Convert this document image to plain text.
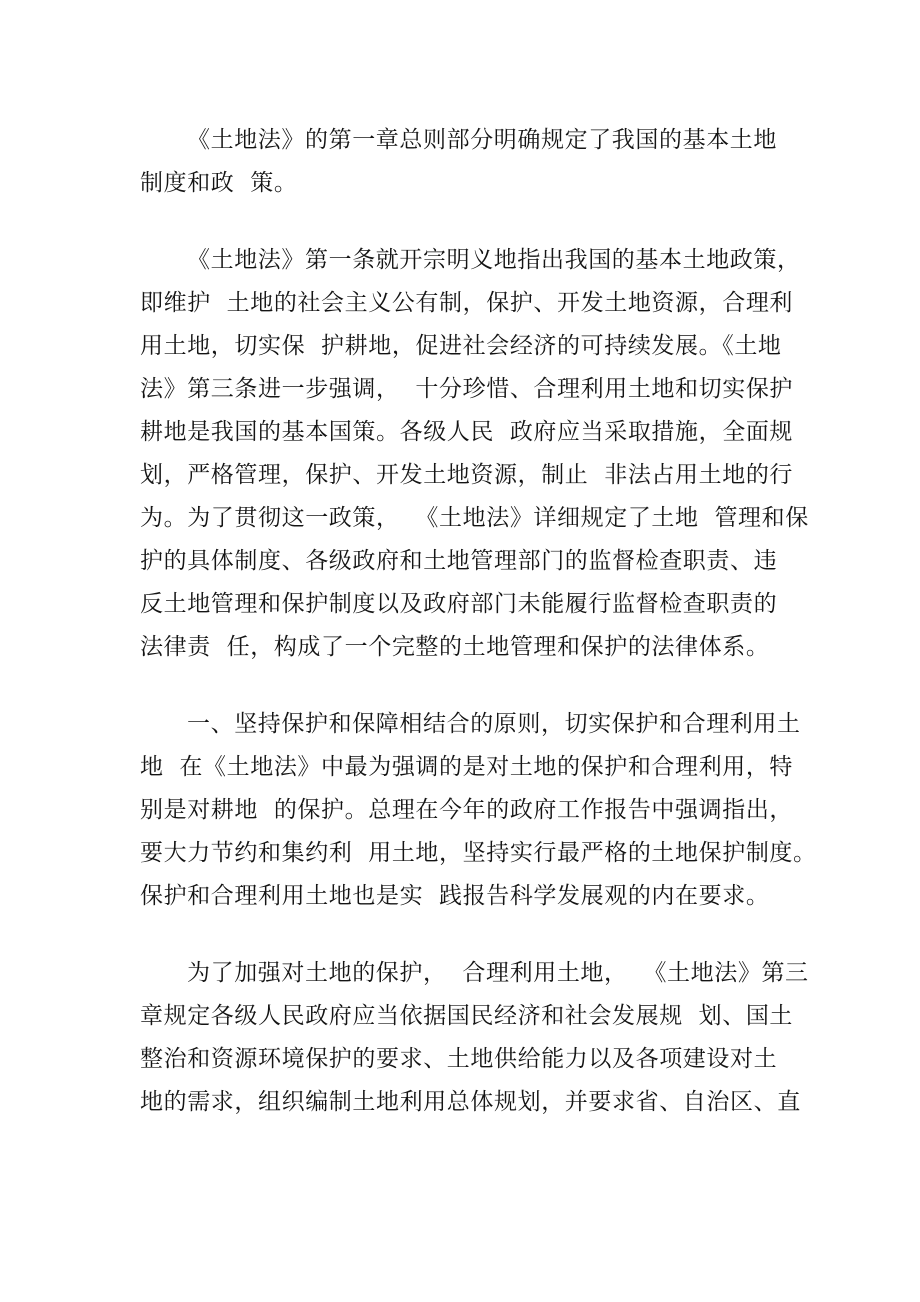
《土地法》的第一章总则部分明确规定了我国的基本土地
制度和政  策。
《土地法》第一条就开宗明义地指出我国的基本土地政策，
即维护  土地的社会主义公有制，保护、开发土地资源，合理利
用土地，切实保  护耕地，促进社会经济的可持续发展。《土地
法》第三条进一步强调，  十分珍惜、合理利用土地和切实保护
耕地是我国的基本国策。各级人民  政府应当采取措施，全面规
划，严格管理，保护、开发土地资源，制止  非法占用土地的行
为。为了贯彻这一政策，  《土地法》详细规定了土地  管理和保
护的具体制度、各级政府和土地管理部门的监督检查职责、违
反土地管理和保护制度以及政府部门未能履行监督检查职责的
法律责  任，构成了一个完整的土地管理和保护的法律体系。
一、坚持保护和保障相结合的原则，切实保护和合理利用土
地  在《土地法》中最为强调的是对土地的保护和合理利用，特
别是对耕地  的保护。总理在今年的政府工作报告中强调指出，
要大力节约和集约利  用土地，坚持实行最严格的土地保护制度。
保护和合理利用土地也是实  践报告科学发展观的内在要求。
为了加强对土地的保护，  合理利用土地，  《土地法》第三
章规定各级人民政府应当依据国民经济和社会发展规  划、国土
整治和资源环境保护的要求、土地供给能力以及各项建设对土
地的需求，组织编制土地利用总体规划，并要求省、自治区、直
